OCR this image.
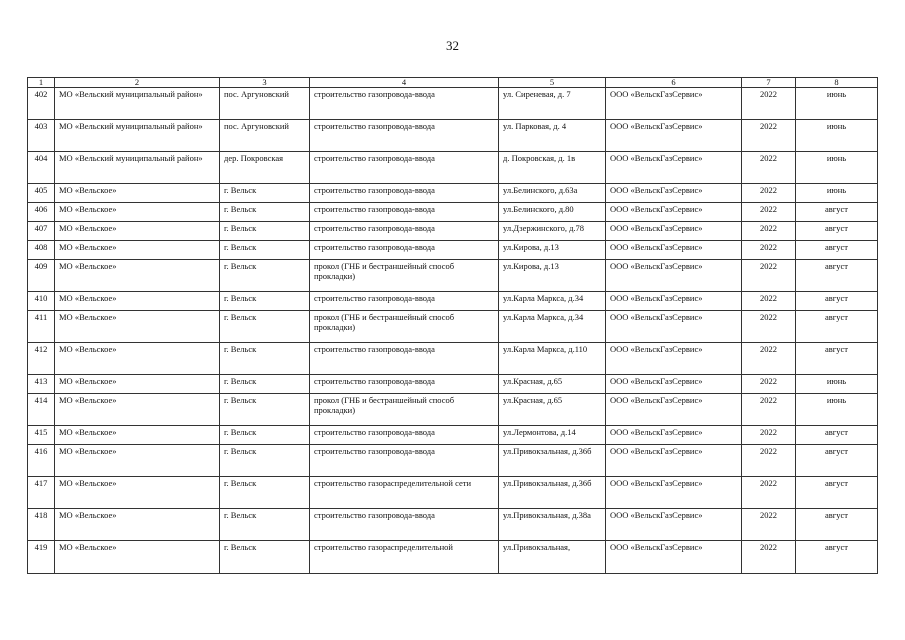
32
1	2	3	4	5	6	7	8
402	МО «Вельский муниципальный район»	пос. Аргуновский	строительство газопровода-ввода	ул. Сиреневая, д. 7	ООО «ВельскГазСервис»	2022	июнь
403	МО «Вельский муниципальный район»	пос. Аргуновский	строительство газопровода-ввода	ул. Парковая, д. 4	ООО «ВельскГазСервис»	2022	июнь
404	МО «Вельский муниципальный район»	дер. Покровская	строительство газопровода-ввода	д. Покровская, д. 1в	ООО «ВельскГазСервис»	2022	июнь
405	МО «Вельское»	г. Вельск	строительство газопровода-ввода	ул.Белинского, д.63а	ООО «ВельскГазСервис»	2022	июнь
406	МО «Вельское»	г. Вельск	строительство газопровода-ввода	ул.Белинского, д.80	ООО «ВельскГазСервис»	2022	август
407	МО «Вельское»	г. Вельск	строительство газопровода-ввода	ул.Дзержинского, д.78	ООО «ВельскГазСервис»	2022	август
408	МО «Вельское»	г. Вельск	строительство газопровода-ввода	ул.Кирова, д.13	ООО «ВельскГазСервис»	2022	август
409	МО «Вельское»	г. Вельск	прокол (ГНБ и бестраншейный способ прокладки)	ул.Кирова, д.13	ООО «ВельскГазСервис»	2022	август
410	МО «Вельское»	г. Вельск	строительство газопровода-ввода	ул.Карла Маркса, д.34	ООО «ВельскГазСервис»	2022	август
411	МО «Вельское»	г. Вельск	прокол (ГНБ и бестраншейный способ прокладки)	ул.Карла Маркса, д.34	ООО «ВельскГазСервис»	2022	август
412	МО «Вельское»	г. Вельск	строительство газопровода-ввода	ул.Карла Маркса, д.110	ООО «ВельскГазСервис»	2022	август
413	МО «Вельское»	г. Вельск	строительство газопровода-ввода	ул.Красная, д.65	ООО «ВельскГазСервис»	2022	июнь
414	МО «Вельское»	г. Вельск	прокол (ГНБ и бестраншейный способ прокладки)	ул.Красная, д.65	ООО «ВельскГазСервис»	2022	июнь
415	МО «Вельское»	г. Вельск	строительство газопровода-ввода	ул.Лермонтова, д.14	ООО «ВельскГазСервис»	2022	август
416	МО «Вельское»	г. Вельск	строительство газопровода-ввода	ул.Привокзальная, д.36б	ООО «ВельскГазСервис»	2022	август
417	МО «Вельское»	г. Вельск	строительство газораспределительной сети	ул.Привокзальная, д.36б	ООО «ВельскГазСервис»	2022	август
418	МО «Вельское»	г. Вельск	строительство газопровода-ввода	ул.Привокзальная, д.38а	ООО «ВельскГазСервис»	2022	август
419	МО «Вельское»	г. Вельск	строительство газораспределительной	ул.Привокзальная,	ООО «ВельскГазСервис»	2022	август
